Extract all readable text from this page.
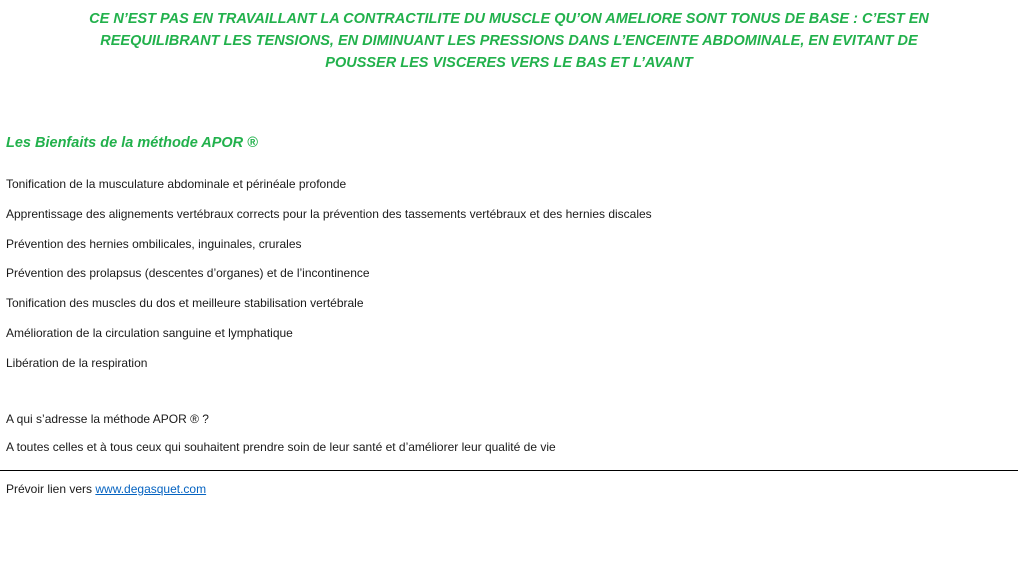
CE N’EST PAS EN TRAVAILLANT LA CONTRACTILITE DU MUSCLE QU’ON AMELIORE SONT TONUS DE BASE : C’EST EN
REEQUILIBRANT LES TENSIONS, EN DIMINUANT LES PRESSIONS DANS L’ENCEINTE ABDOMINALE, EN EVITANT DE
POUSSER LES VISCERES VERS LE BAS ET L’AVANT
Les Bienfaits de la méthode APOR ®
Tonification de la musculature abdominale et périnéale profonde
Apprentissage des alignements vertébraux corrects pour la prévention des tassements vertébraux et des hernies discales
Prévention des hernies ombilicales, inguinales, crurales
Prévention des prolapsus (descentes d’organes) et de l’incontinence
Tonification des muscles du dos et meilleure stabilisation vertébrale
Amélioration de la circulation sanguine et lymphatique
Libération de la respiration
A qui s’adresse la méthode APOR ® ?
A toutes celles et à tous ceux qui souhaitent prendre soin de leur santé et d’améliorer leur qualité de vie
Prévoir lien vers www.degasquet.com
